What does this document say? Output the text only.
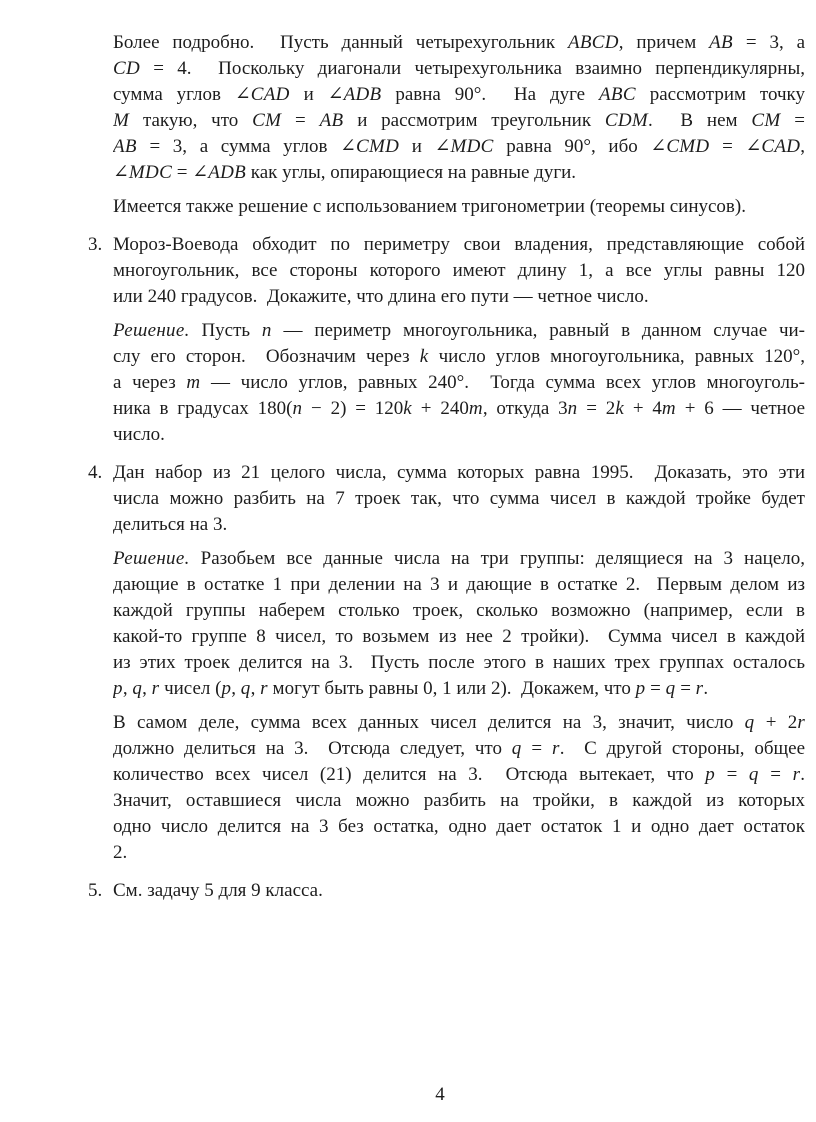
Более подробно.  Пусть данный четырехугольник ABCD, причем AB = 3, а
CD = 4.  Поскольку диагонали четырехугольника взаимно перпендикулярны,
сумма углов ∠CAD и ∠ADB равна 90°.  На дуге ABC рассмотрим точку
M такую, что CM = AB и рассмотрим треугольник CDM.  В нем CM =
AB = 3, а сумма углов ∠CMD и ∠MDC равна 90°, ибо ∠CMD = ∠CAD,
∠MDC = ∠ADB как углы, опирающиеся на равные дуги.
Имеется также решение с использованием тригонометрии (теоремы синусов).
3. Мороз-Воевода обходит по периметру свои владения, представляющие собой
многоугольник, все стороны которого имеют длину 1, а все углы равны 120
или 240 градусов.  Докажите, что длина его пути — четное число.
Решение. Пусть n — периметр многоугольника, равный в данном случае чи-
слу его сторон.  Обозначим через k число углов многоугольника, равных 120°,
а через m — число углов, равных 240°.  Тогда сумма всех углов многоуголь-
ника в градусах 180(n − 2) = 120k + 240m, откуда 3n = 2k + 4m + 6 — четное
число.
4. Дан набор из 21 целого числа, сумма которых равна 1995.  Доказать, это эти
числа можно разбить на 7 троек так, что сумма чисел в каждой тройке будет
делиться на 3.
Решение. Разобьем все данные числа на три группы: делящиеся на 3 нацело,
дающие в остатке 1 при делении на 3 и дающие в остатке 2.  Первым делом из
каждой группы наберем столько троек, сколько возможно (например, если в
какой-то группе 8 чисел, то возьмем из нее 2 тройки).  Сумма чисел в каждой
из этих троек делится на 3.  Пусть после этого в наших трех группах осталось
p, q, r чисел (p, q, r могут быть равны 0, 1 или 2).  Докажем, что p = q = r.
В самом деле, сумма всех данных чисел делится на 3, значит, число q + 2r
должно делиться на 3.  Отсюда следует, что q = r.  С другой стороны, общее
количество всех чисел (21) делится на 3.  Отсюда вытекает, что p = q = r.
Значит, оставшиеся числа можно разбить на тройки, в каждой из которых
одно число делится на 3 без остатка, одно дает остаток 1 и одно дает остаток
2.
5. См. задачу 5 для 9 класса.
4
